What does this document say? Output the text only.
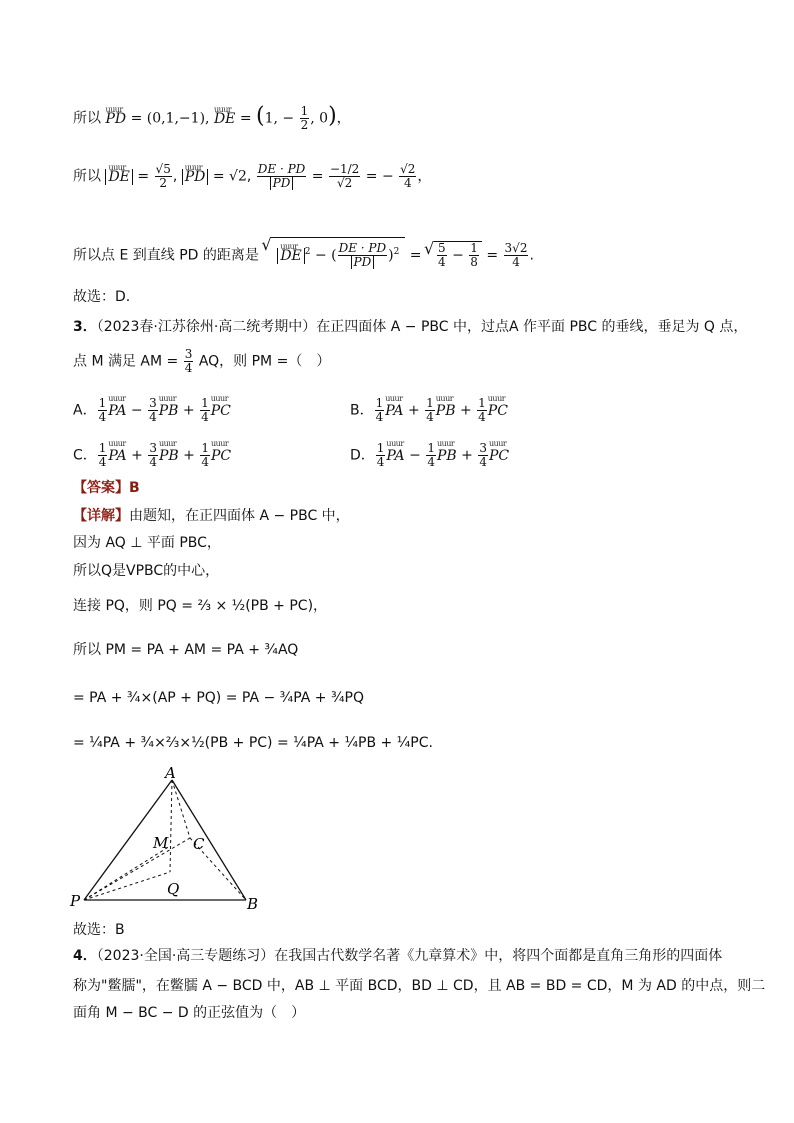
所以 uuur PD = (0,1,−1), uuur DE = (1, − $\frac{1}{2}$ , 0)，
所以 uuur DE = $\frac{√5}{2}$ , uuur PD = √2, $\frac{DE \cdot PD}{PD} = \frac{-1/2}{√2}$ = − $\frac{√2}{4}$ ，
所以点 E 到直线 PD 的距离是 √ uuur DE $^2$ − ( $\frac{DE \cdot PD}{PD} )^2$ = √ $\frac{5}{4} - \frac{1}{8} = \frac{3√2}{4}$ .
故选：D.
3．（2023春·江苏徐州·高二统考期中）在正四面体 A − PBC 中，过点A 作平面 PBC 的垂线，垂足为 Q 点，
点 M 满足 AM = $\frac{3}{4}$ AQ，则 PM =（　）
A． $\frac{1}{4}$ uuur PA − $\frac{3}{4}$ uuur PB + $\frac{1}{4}$ uuur PC	B． $\frac{1}{4}$ uuur PA + $\frac{1}{4}$ uuur PB + $\frac{1}{4}$ uuur PC
C． $\frac{1}{4}$ uuur PA + $\frac{3}{4}$ uuur PB + $\frac{1}{4}$ uuur PC	D． $\frac{1}{4}$ uuur PA − $\frac{1}{4}$ uuur PB + $\frac{3}{4}$ uuur PC
【答案】B
【详解】由题知，在正四面体 A − PBC 中，
因为 AQ ⊥ 平面 PBC，
所以Q是VPBC的中心，
连接 PQ，则 PQ = ⅔ × ½(PB + PC)，
所以 PM = PA + AM = PA + ¾AQ
= PA + ¾×(AP + PQ) = PA − ¾PA + ¾PQ
= ¼PA + ¾×⅔×½(PB + PC) = ¼PA + ¼PB + ¼PC.
A
M C
Q
P	B
故选：B
4．（2023·全国·高三专题练习）在我国古代数学名著《九章算术》中，将四个面都是直角三角形的四面体
称为"鳖臑"，在鳖臑 A − BCD 中，AB ⊥ 平面 BCD，BD ⊥ CD，且 AB = BD = CD，M 为 AD 的中点，则二
面角 M − BC − D 的正弦值为（　）
